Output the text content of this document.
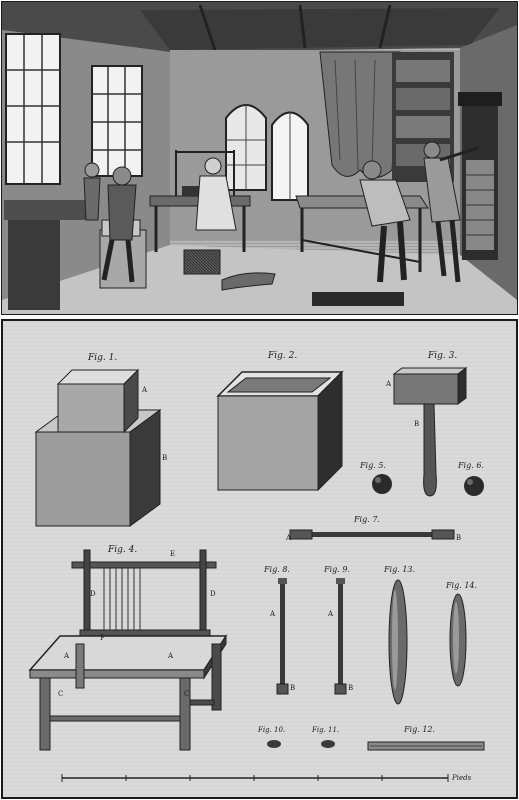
Fig. 1.
A
B
Fig. 2.	Fig. 3.
A
B
Fig. 5.	Fig. 6.
Fig. 7.
A	B
Fig. 4.	E
D	D
A	A
C	C
F
Fig. 8.
A
B
Fig. 9.
A
B
Fig. 13.
Fig. 14.
Fig. 10.	Fig. 11.	Fig. 12.
Pieds
